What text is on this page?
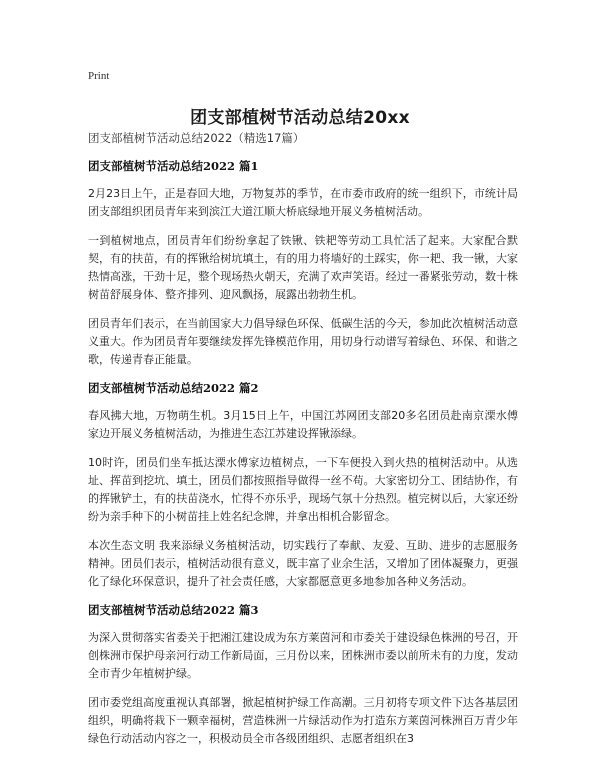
Print
团支部植树节活动总结20xx
团支部植树节活动总结2022（精选17篇）
团支部植树节活动总结2022 篇1

2月23日上午，正是春回大地，万物复苏的季节，在市委市政府的统一组织下，市统计局团支部组织团员青年来到滨江大道江顺大桥底绿地开展义务植树活动。

一到植树地点，团员青年们纷纷拿起了铁锹、铁耙等劳动工具忙活了起来。大家配合默契，有的扶苗，有的挥锹给树坑填土，有的用力将墙好的土踩实，你一耙、我一锹，大家热情高涨，干劲十足，整个现场热火朝天，充满了欢声笑语。经过一番紧张劳动，数十株树苗舒展身体、整齐排列、迎风飘扬，展露出勃勃生机。

团员青年们表示，在当前国家大力倡导绿色环保、低碳生活的今天，参加此次植树活动意义重大。作为团员青年要继续发挥先锋模范作用，用切身行动谱写着绿色、环保、和谐之歌，传递青春正能量。

团支部植树节活动总结2022 篇2

春风拂大地，万物萌生机。3月15日上午，中国江苏网团支部20多名团员赴南京溧水傅家边开展义务植树活动，为推进生态江苏建设挥锹添绿。

10时许，团员们坐车抵达溧水傅家边植树点，一下车便投入到火热的植树活动中。从选址、挥苗到挖坑、填土，团员们都按照指导做得一丝不苟。大家密切分工、团结协作，有的挥锹铲土，有的扶苗浇水，忙得不亦乐乎，现场气氛十分热烈。植完树以后，大家还纷纷为亲手种下的小树苗挂上姓名纪念牌，并拿出相机合影留念。

本次生态文明 我来添绿义务植树活动，切实践行了奉献、友爱、互助、进步的志愿服务精神。团员们表示，植树活动很有意义，既丰富了业余生活，又增加了团体凝聚力，更强化了绿化环保意识，提升了社会责任感，大家都愿意更多地参加各种义务活动。

团支部植树节活动总结2022 篇3

为深入贯彻落实省委关于把湘江建设成为东方莱茵河和市委关于建设绿色株洲的号召，开创株洲市保护母亲河行动工作新局面，三月份以来，团株洲市委以前所未有的力度，发动全市青少年植树护绿。

团市委党组高度重视认真部署，掀起植树护绿工作高潮。三月初将专项文件下达各基层团组织，明确将栽下一颗幸福树，营造株洲一片绿活动作为打造东方莱茵河株洲百万青少年绿色行动活动内容之一，积极动员全市各级团组织、志愿者组织在3
